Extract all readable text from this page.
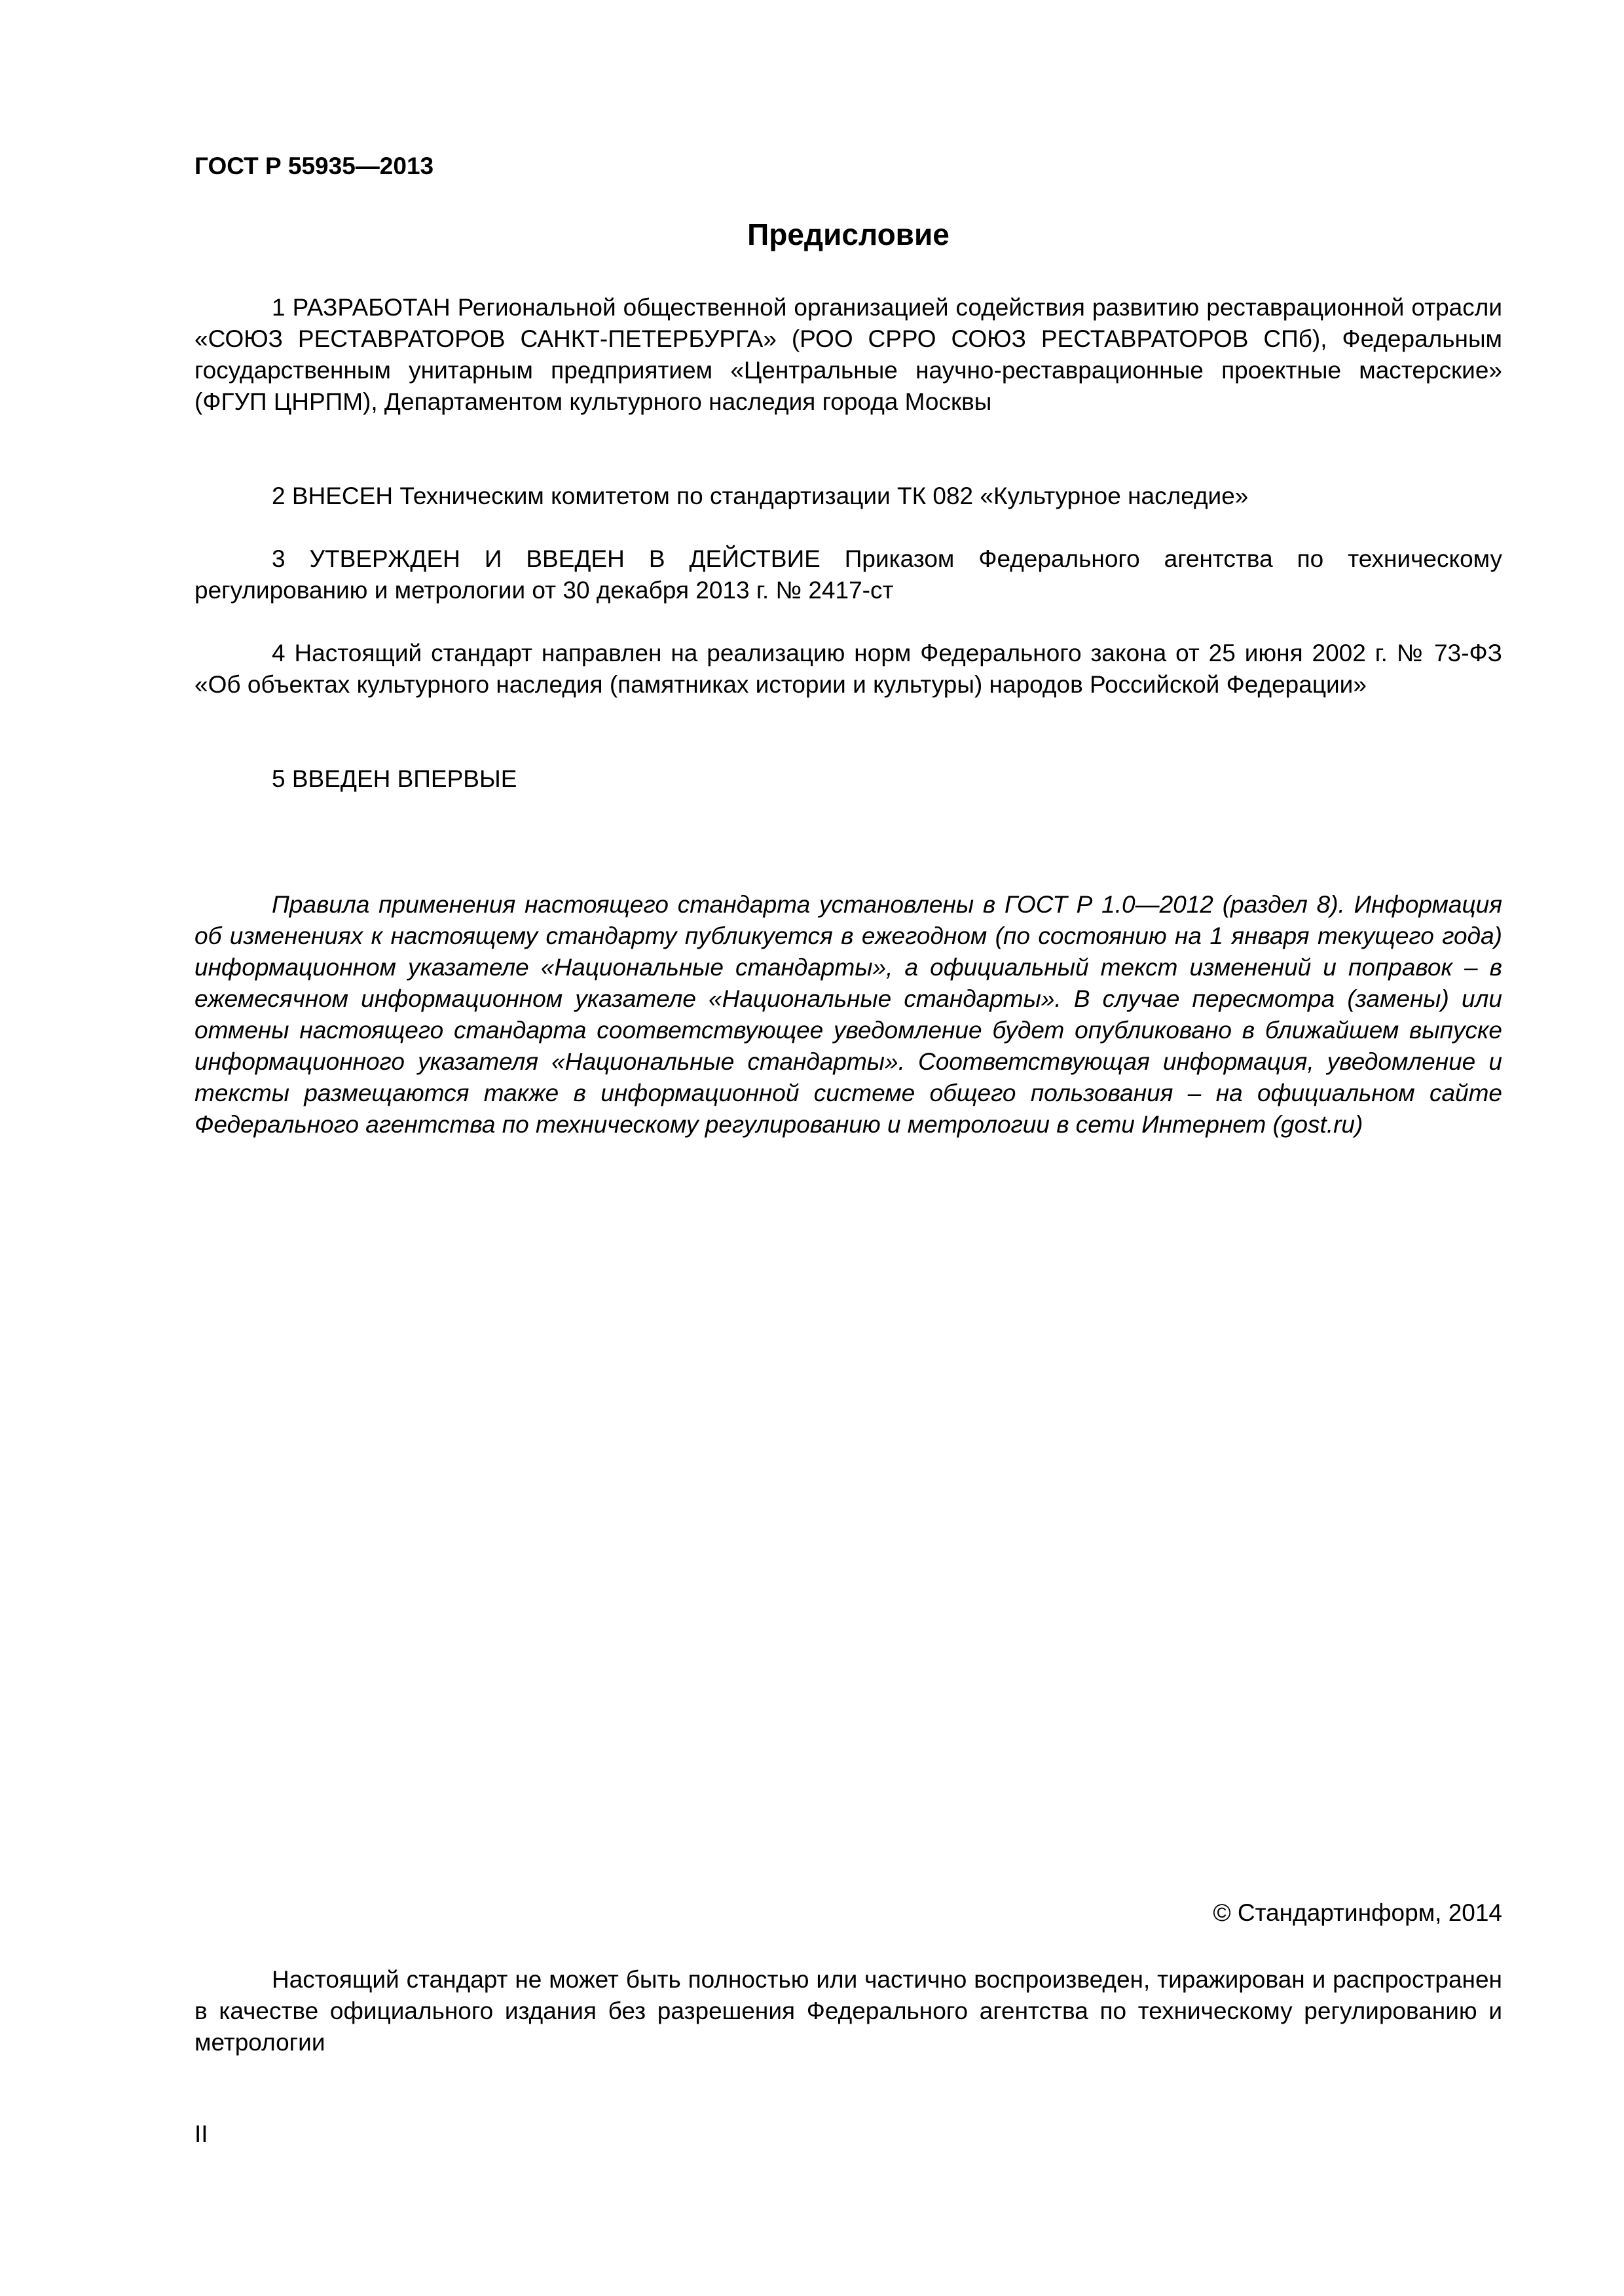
ГОСТ Р 55935—2013
Предисловие

1 РАЗРАБОТАН Региональной общественной организацией содействия развитию реставрационной отрасли «СОЮЗ РЕСТАВРАТОРОВ САНКТ-ПЕТЕРБУРГА» (РОО СРРО СОЮЗ РЕСТАВРАТОРОВ СПб), Федеральным государственным унитарным предприятием «Центральные научно-реставрационные проектные мастерские» (ФГУП ЦНРПМ), Департаментом культурного наследия города Москвы

2 ВНЕСЕН Техническим комитетом по стандартизации ТК 082 «Культурное наследие»

3 УТВЕРЖДЕН И ВВЕДЕН В ДЕЙСТВИЕ Приказом Федерального агентства по техническому регулированию и метрологии от 30 декабря 2013 г. № 2417-ст

4 Настоящий стандарт направлен на реализацию норм Федерального закона от 25 июня 2002 г. № 73-ФЗ «Об объектах культурного наследия (памятниках истории и культуры) народов Российской Федерации»

5 ВВЕДЕН ВПЕРВЫЕ

Правила применения настоящего стандарта установлены в ГОСТ Р 1.0—2012 (раздел 8). Информация об изменениях к настоящему стандарту публикуется в ежегодном (по состоянию на 1 января текущего года) информационном указателе «Национальные стандарты», а официальный текст изменений и поправок – в ежемесячном информационном указателе «Национальные стандарты». В случае пересмотра (замены) или отмены настоящего стандарта соответствующее уведомление будет опубликовано в ближайшем выпуске информационного указателя «Национальные стандарты». Соответствующая информация, уведомление и тексты размещаются также в информационной системе общего пользования – на официальном сайте Федерального агентства по техническому регулированию и метрологии в сети Интернет (gost.ru)

© Стандартинформ, 2014

Настоящий стандарт не может быть полностью или частично воспроизведен, тиражирован и распространен в качестве официального издания без разрешения Федерального агентства по техническому регулированию и метрологии

II
